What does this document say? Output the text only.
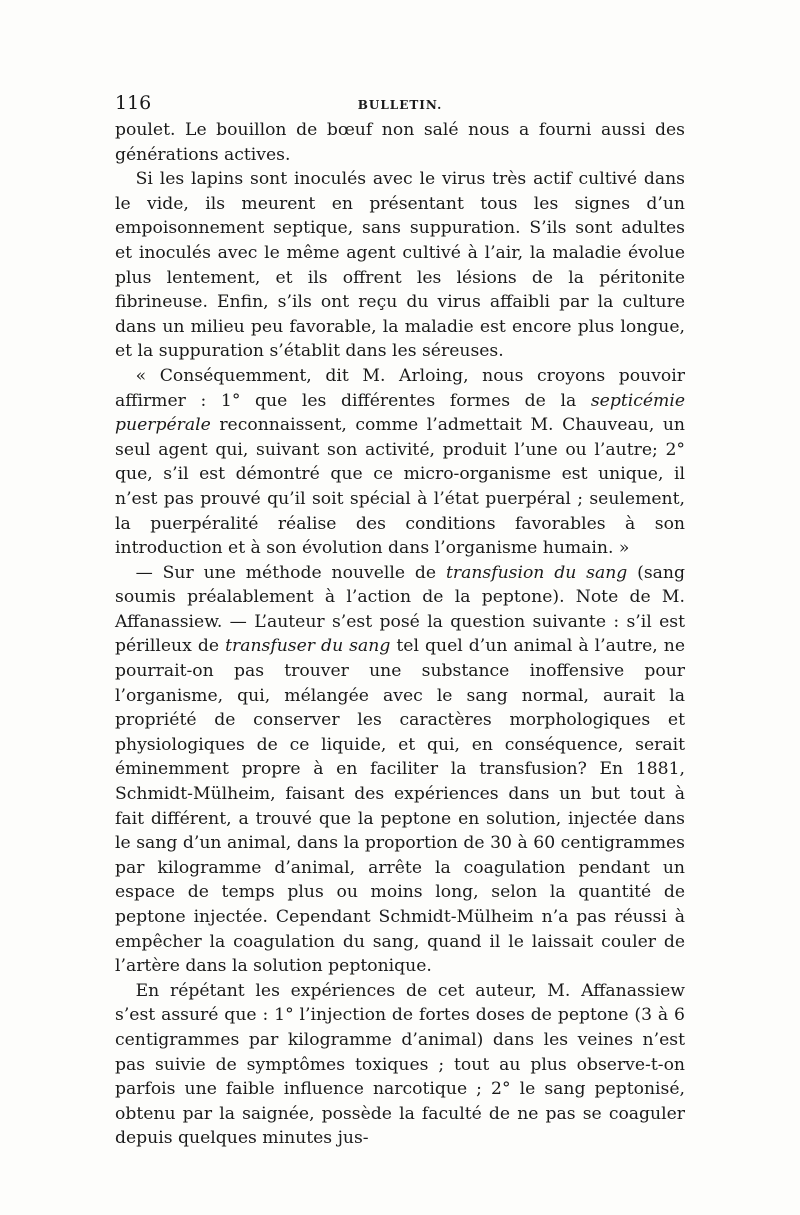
116	BULLETIN.

poulet. Le bouillon de bœuf non salé nous a fourni aussi des générations actives.

Si les lapins sont inoculés avec le virus très actif cultivé dans le vide, ils meurent en présentant tous les signes d’un empoisonnement septique, sans suppuration. S’ils sont adultes et inoculés avec le même agent cultivé à l’air, la maladie évolue plus lentement, et ils offrent les lésions de la péritonite fibrineuse. Enfin, s’ils ont reçu du virus affaibli par la culture dans un milieu peu favorable, la maladie est encore plus longue, et la suppuration s’établit dans les séreuses.

« Conséquemment, dit M. Arloing, nous croyons pouvoir affirmer : 1° que les différentes formes de la septicémie puerpérale reconnaissent, comme l’admettait M. Chauveau, un seul agent qui, suivant son activité, produit l’une ou l’autre; 2° que, s’il est démontré que ce micro-organisme est unique, il n’est pas prouvé qu’il soit spécial à l’état puerpéral ; seulement, la puerpéralité réalise des conditions favorables à son introduction et à son évolution dans l’organisme humain. »

— Sur une méthode nouvelle de transfusion du sang (sang soumis préalablement à l’action de la peptone). Note de M. Affanassiew. — L’auteur s’est posé la question suivante : s’il est périlleux de transfuser du sang tel quel d’un animal à l’autre, ne pourrait-on pas trouver une substance inoffensive pour l’organisme, qui, mélangée avec le sang normal, aurait la propriété de conserver les caractères morphologiques et physiologiques de ce liquide, et qui, en conséquence, serait éminemment propre à en faciliter la transfusion? En 1881, Schmidt-Mülheim, faisant des expériences dans un but tout à fait différent, a trouvé que la peptone en solution, injectée dans le sang d’un animal, dans la proportion de 30 à 60 centigrammes par kilogramme d’animal, arrête la coagulation pendant un espace de temps plus ou moins long, selon la quantité de peptone injectée. Cependant Schmidt-Mülheim n’a pas réussi à empêcher la coagulation du sang, quand il le laissait couler de l’artère dans la solution peptonique.

En répétant les expériences de cet auteur, M. Affanassiew s’est assuré que : 1° l’injection de fortes doses de peptone (3 à 6 centigrammes par kilogramme d’animal) dans les veines n’est pas suivie de symptômes toxiques ; tout au plus observe-t-on parfois une faible influence narcotique ; 2° le sang peptonisé, obtenu par la saignée, possède la faculté de ne pas se coaguler depuis quelques minutes jus-
